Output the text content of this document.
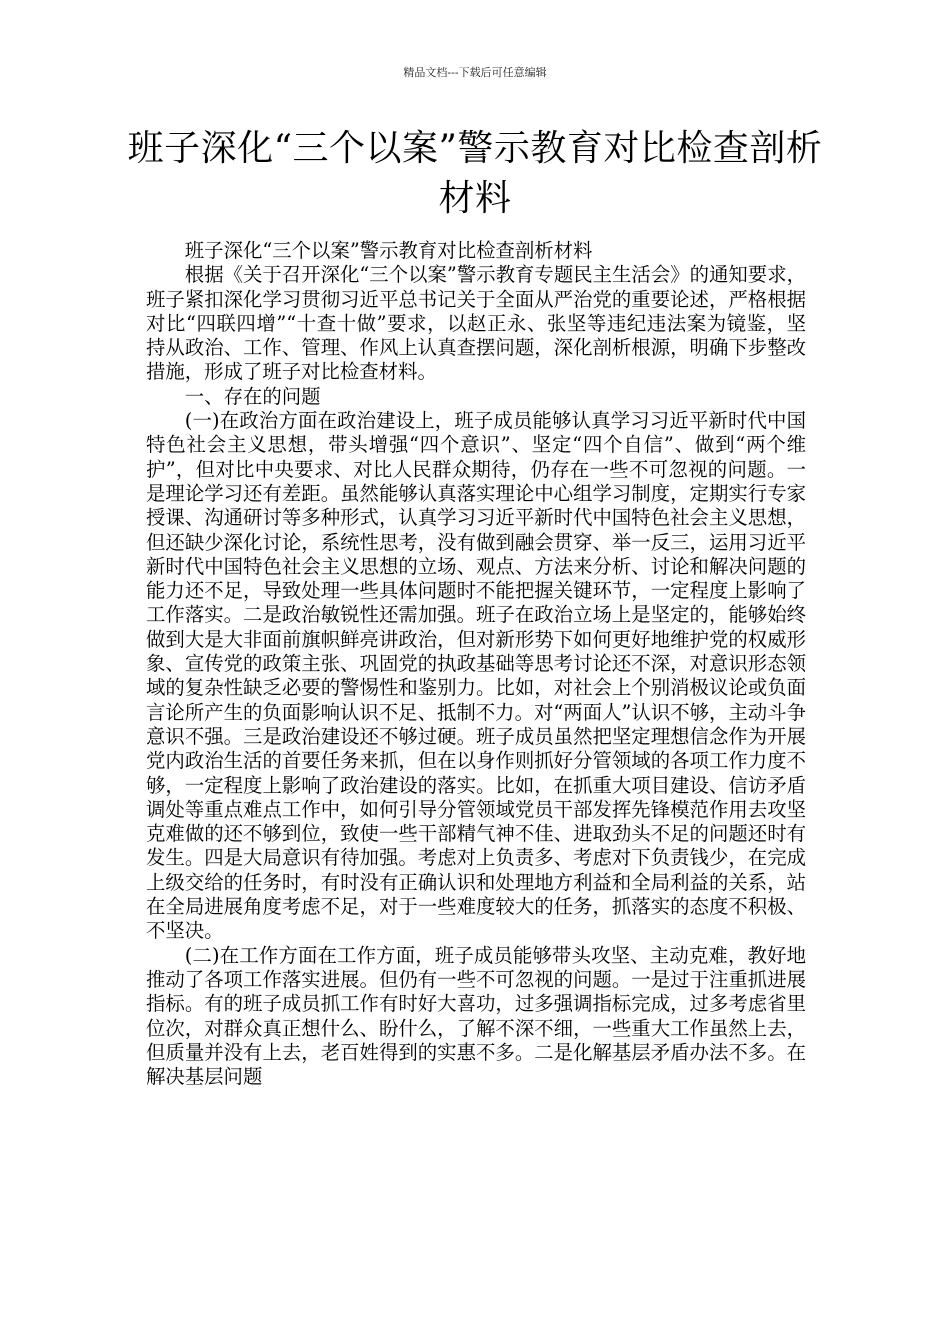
精品文档---下载后可任意编辑
班子深化“三个以案”警示教育对比检查剖析材料

班子深化“三个以案”警示教育对比检查剖析材料

根据《关于召开深化“三个以案”警示教育专题民主生活会》的通知要求，班子紧扣深化学习贯彻习近平总书记关于全面从严治党的重要论述，严格根据对比“四联四增”“十查十做”要求，以赵正永、张坚等违纪违法案为镜鉴，坚持从政治、工作、管理、作风上认真查摆问题，深化剖析根源，明确下步整改措施，形成了班子对比检查材料。

一、存在的问题

(一)在政治方面在政治建设上，班子成员能够认真学习习近平新时代中国特色社会主义思想，带头增强“四个意识”、坚定“四个自信”、做到“两个维护”，但对比中央要求、对比人民群众期待，仍存在一些不可忽视的问题。一是理论学习还有差距。虽然能够认真落实理论中心组学习制度，定期实行专家授课、沟通研讨等多种形式，认真学习习近平新时代中国特色社会主义思想，但还缺少深化讨论，系统性思考，没有做到融会贯穿、举一反三，运用习近平新时代中国特色社会主义思想的立场、观点、方法来分析、讨论和解决问题的能力还不足，导致处理一些具体问题时不能把握关键环节，一定程度上影响了工作落实。二是政治敏锐性还需加强。班子在政治立场上是坚定的，能够始终做到大是大非面前旗帜鲜亮讲政治，但对新形势下如何更好地维护党的权威形象、宣传党的政策主张、巩固党的执政基础等思考讨论还不深，对意识形态领域的复杂性缺乏必要的警惕性和鉴别力。比如，对社会上个别消极议论或负面言论所产生的负面影响认识不足、抵制不力。对“两面人”认识不够，主动斗争意识不强。三是政治建设还不够过硬。班子成员虽然把坚定理想信念作为开展党内政治生活的首要任务来抓，但在以身作则抓好分管领域的各项工作力度不够，一定程度上影响了政治建设的落实。比如，在抓重大项目建设、信访矛盾调处等重点难点工作中，如何引导分管领域党员干部发挥先锋模范作用去攻坚克难做的还不够到位，致使一些干部精气神不佳、进取劲头不足的问题还时有发生。四是大局意识有待加强。考虑对上负责多、考虑对下负责钱少，在完成上级交给的任务时，有时没有正确认识和处理地方利益和全局利益的关系，站在全局进展角度考虑不足，对于一些难度较大的任务，抓落实的态度不积极、不坚决。

(二)在工作方面在工作方面，班子成员能够带头攻坚、主动克难，教好地推动了各项工作落实进展。但仍有一些不可忽视的问题。一是过于注重抓进展指标。有的班子成员抓工作有时好大喜功，过多强调指标完成，过多考虑省里位次，对群众真正想什么、盼什么，了解不深不细，一些重大工作虽然上去，但质量并没有上去，老百姓得到的实惠不多。二是化解基层矛盾办法不多。在解决基层问题
